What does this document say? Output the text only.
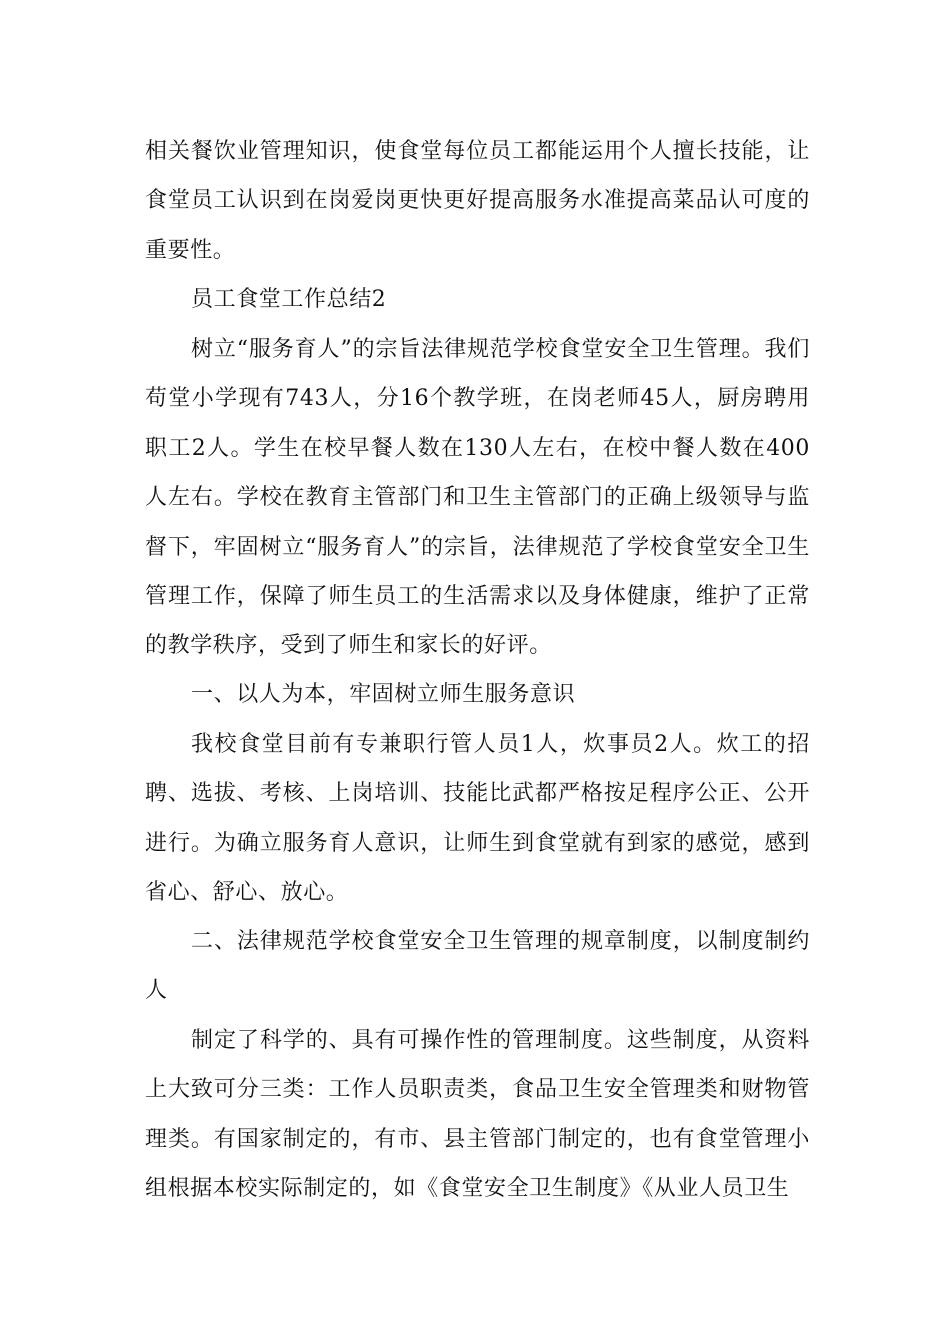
相关餐饮业管理知识，使食堂每位员工都能运用个人擅长技能，让食堂员工认识到在岗爱岗更快更好提高服务水准提高菜品认可度的重要性。

员工食堂工作总结2

树立“服务育人”的宗旨法律规范学校食堂安全卫生管理。我们苟堂小学现有743人，分16个教学班，在岗老师45人，厨房聘用职工2人。学生在校早餐人数在130人左右，在校中餐人数在400人左右。学校在教育主管部门和卫生主管部门的正确上级领导与监督下，牢固树立“服务育人”的宗旨，法律规范了学校食堂安全卫生管理工作，保障了师生员工的生活需求以及身体健康，维护了正常的教学秩序，受到了师生和家长的好评。

一、以人为本，牢固树立师生服务意识

我校食堂目前有专兼职行管人员1人，炊事员2人。炊工的招聘、选拔、考核、上岗培训、技能比武都严格按足程序公正、公开进行。为确立服务育人意识，让师生到食堂就有到家的感觉，感到省心、舒心、放心。

二、法律规范学校食堂安全卫生管理的规章制度，以制度制约人

制定了科学的、具有可操作性的管理制度。这些制度，从资料上大致可分三类：工作人员职责类，食品卫生安全管理类和财物管理类。有国家制定的，有市、县主管部门制定的，也有食堂管理小组根据本校实际制定的，如《食堂安全卫生制度》《从业人员卫生
